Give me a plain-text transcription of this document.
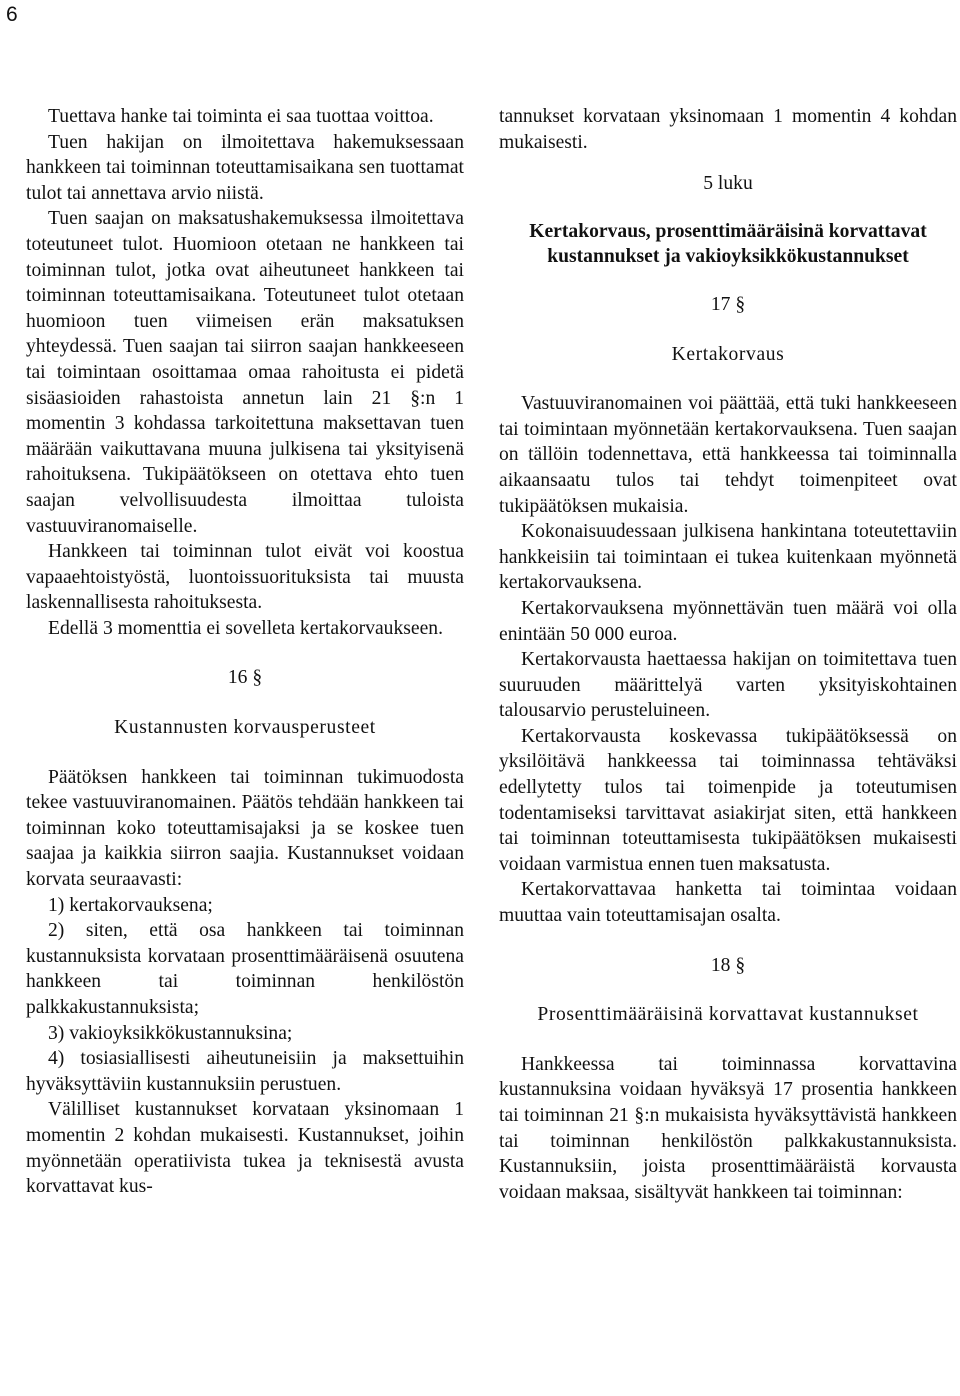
6

Tuettava hanke tai toiminta ei saa tuottaa voittoa.

Tuen hakijan on ilmoitettava hakemuksessaan hankkeen tai toiminnan toteuttamisaikana sen tuottamat tulot tai annettava arvio niistä.

Tuen saajan on maksatushakemuksessa ilmoitettava toteutuneet tulot. Huomioon otetaan ne hankkeen tai toiminnan tulot, jotka ovat aiheutuneet hankkeen tai toiminnan toteuttamisaikana. Toteutuneet tulot otetaan huomioon tuen viimeisen erän maksatuksen yhteydessä. Tuen saajan tai siirron saajan hankkeeseen tai toimintaan osoittamaa omaa rahoitusta ei pidetä sisäasioiden rahastoista annetun lain 21 §:n 1 momentin 3 kohdassa tarkoitettuna maksettavan tuen määrään vaikuttavana muuna julkisena tai yksityisenä rahoituksena. Tukipäätökseen on otettava ehto tuen saajan velvollisuudesta ilmoittaa tuloista vastuuviranomaiselle.

Hankkeen tai toiminnan tulot eivät voi koostua vapaaehtoistyöstä, luontoissuorituksista tai muusta laskennallisesta rahoituksesta.

Edellä 3 momenttia ei sovelleta kertakorvaukseen.

16 §

Kustannusten korvausperusteet

Päätöksen hankkeen tai toiminnan tukimuodosta tekee vastuuviranomainen. Päätös tehdään hankkeen tai toiminnan koko toteuttamisajaksi ja se koskee tuen saajaa ja kaikkia siirron saajia. Kustannukset voidaan korvata seuraavasti:

1) kertakorvauksena;

2) siten, että osa hankkeen tai toiminnan kustannuksista korvataan prosenttimääräisenä osuutena hankkeen tai toiminnan henkilöstön palkkakustannuksista;

3) vakioyksikkökustannuksina;

4) tosiasiallisesti aiheutuneisiin ja maksettuihin hyväksyttäviin kustannuksiin perustuen.

Välilliset kustannukset korvataan yksinomaan 1 momentin 2 kohdan mukaisesti. Kustannukset, joihin myönnetään operatiivista tukea ja teknisestä avusta korvattavat kus-

tannukset korvataan yksinomaan 1 momentin 4 kohdan mukaisesti.

5 luku

Kertakorvaus, prosenttimääräisinä korvattavat kustannukset ja vakioyksikkökustannukset

17 §

Kertakorvaus

Vastuuviranomainen voi päättää, että tuki hankkeeseen tai toimintaan myönnetään kertakorvauksena. Tuen saajan on tällöin todennettava, että hankkeessa tai toiminnalla aikaansaatu tulos tai tehdyt toimenpiteet ovat tukipäätöksen mukaisia.

Kokonaisuudessaan julkisena hankintana toteutettaviin hankkeisiin tai toimintaan ei tukea kuitenkaan myönnetä kertakorvauksena.

Kertakorvauksena myönnettävän tuen määrä voi olla enintään 50 000 euroa.

Kertakorvausta haettaessa hakijan on toimitettava tuen suuruuden määrittelyä varten yksityiskohtainen talousarvio perusteluineen.

Kertakorvausta koskevassa tukipäätöksessä on yksilöitävä hankkeessa tai toiminnassa tehtäväksi edellytetty tulos tai toimenpide ja toteutumisen todentamiseksi tarvittavat asiakirjat siten, että hankkeen tai toiminnan toteuttamisesta tukipäätöksen mukaisesti voidaan varmistua ennen tuen maksatusta.

Kertakorvattavaa hanketta tai toimintaa voidaan muuttaa vain toteuttamisajan osalta.

18 §

Prosenttimääräisinä korvattavat kustannukset

Hankkeessa tai toiminnassa korvattavina kustannuksina voidaan hyväksyä 17 prosentia hankkeen tai toiminnan 21 §:n mukaisista hyväksyttävistä hankkeen tai toiminnan henkilöstön palkkakustannuksista. Kustannuksiin, joista prosenttimääräistä korvausta voidaan maksaa, sisältyvät hankkeen tai toiminnan:
